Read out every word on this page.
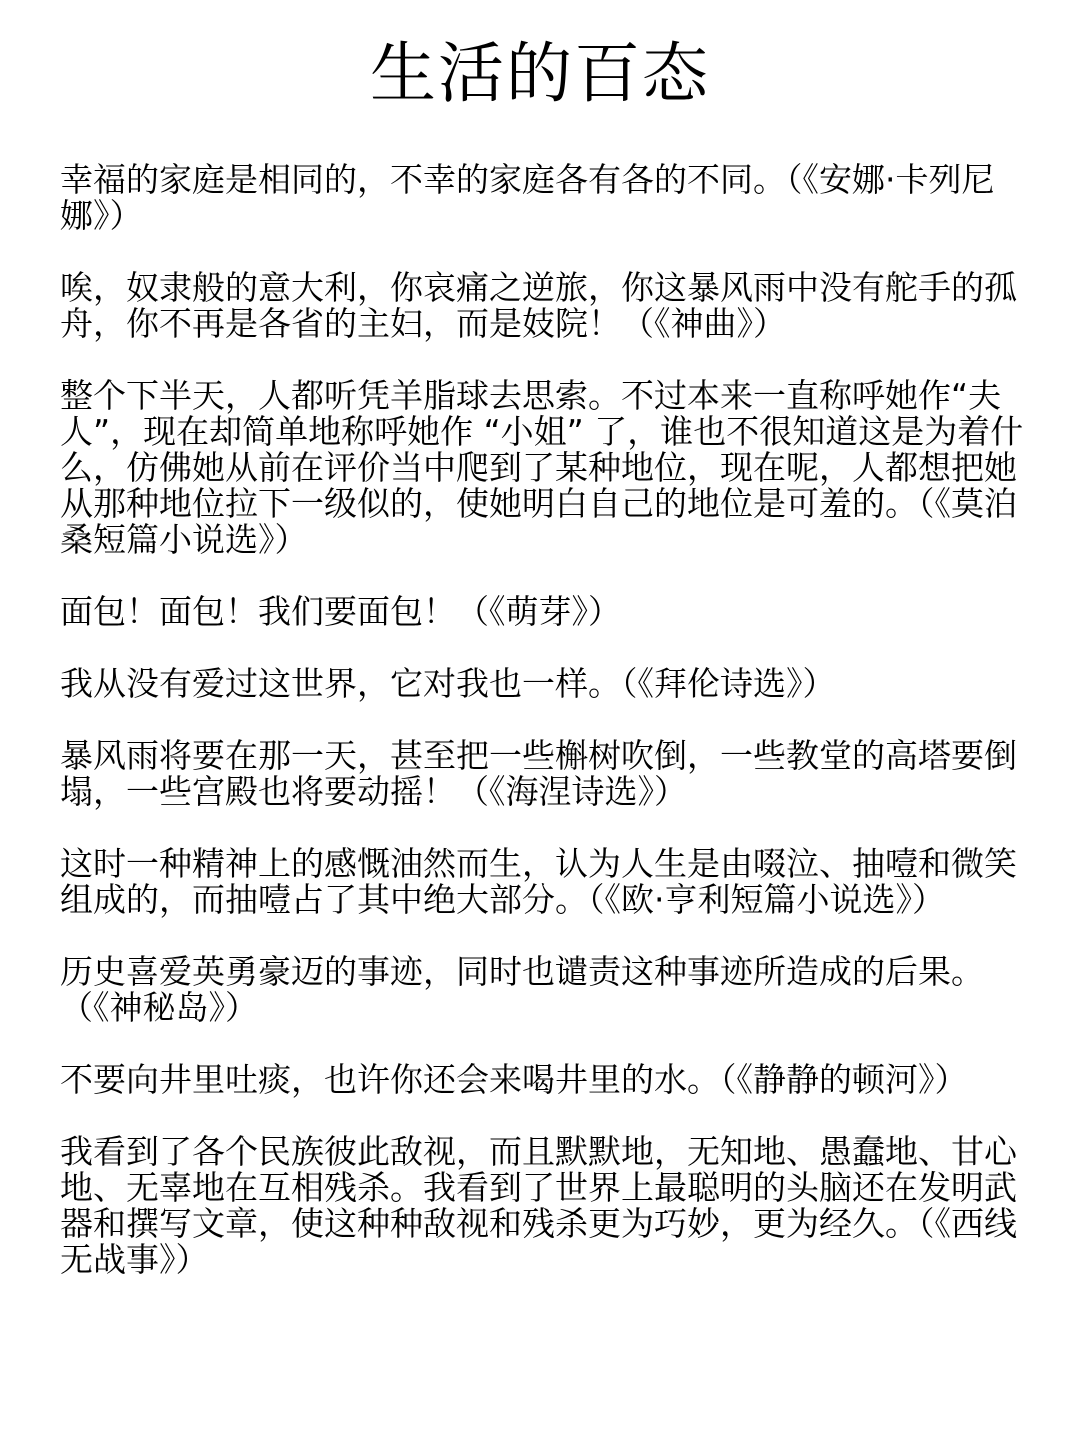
生活的百态

幸福的家庭是相同的，不幸的家庭各有各的不同。（《安娜·卡列尼娜》）

唉，奴隶般的意大利，你哀痛之逆旅，你这暴风雨中没有舵手的孤舟，你不再是各省的主妇，而是妓院！（《神曲》）

整个下半天，人都听凭羊脂球去思索。不过本来一直称呼她作“夫人”，现在却简单地称呼她作 “小姐” 了，谁也不很知道这是为着什么，仿佛她从前在评价当中爬到了某种地位，现在呢，人都想把她从那种地位拉下一级似的，使她明白自己的地位是可羞的。（《莫泊桑短篇小说选》）

面包！面包！我们要面包！（《萌芽》）

我从没有爱过这世界，它对我也一样。（《拜伦诗选》）

暴风雨将要在那一天，甚至把一些槲树吹倒，一些教堂的高塔要倒塌，一些宫殿也将要动摇！（《海涅诗选》）

这时一种精神上的感慨油然而生，认为人生是由啜泣、抽噎和微笑组成的，而抽噎占了其中绝大部分。（《欧·亨利短篇小说选》）

历史喜爱英勇豪迈的事迹，同时也谴责这种事迹所造成的后果。（《神秘岛》）

不要向井里吐痰，也许你还会来喝井里的水。（《静静的顿河》）

我看到了各个民族彼此敌视，而且默默地，无知地、愚蠢地、甘心地、无辜地在互相残杀。我看到了世界上最聪明的头脑还在发明武器和撰写文章，使这种种敌视和残杀更为巧妙，更为经久。（《西线无战事》）
